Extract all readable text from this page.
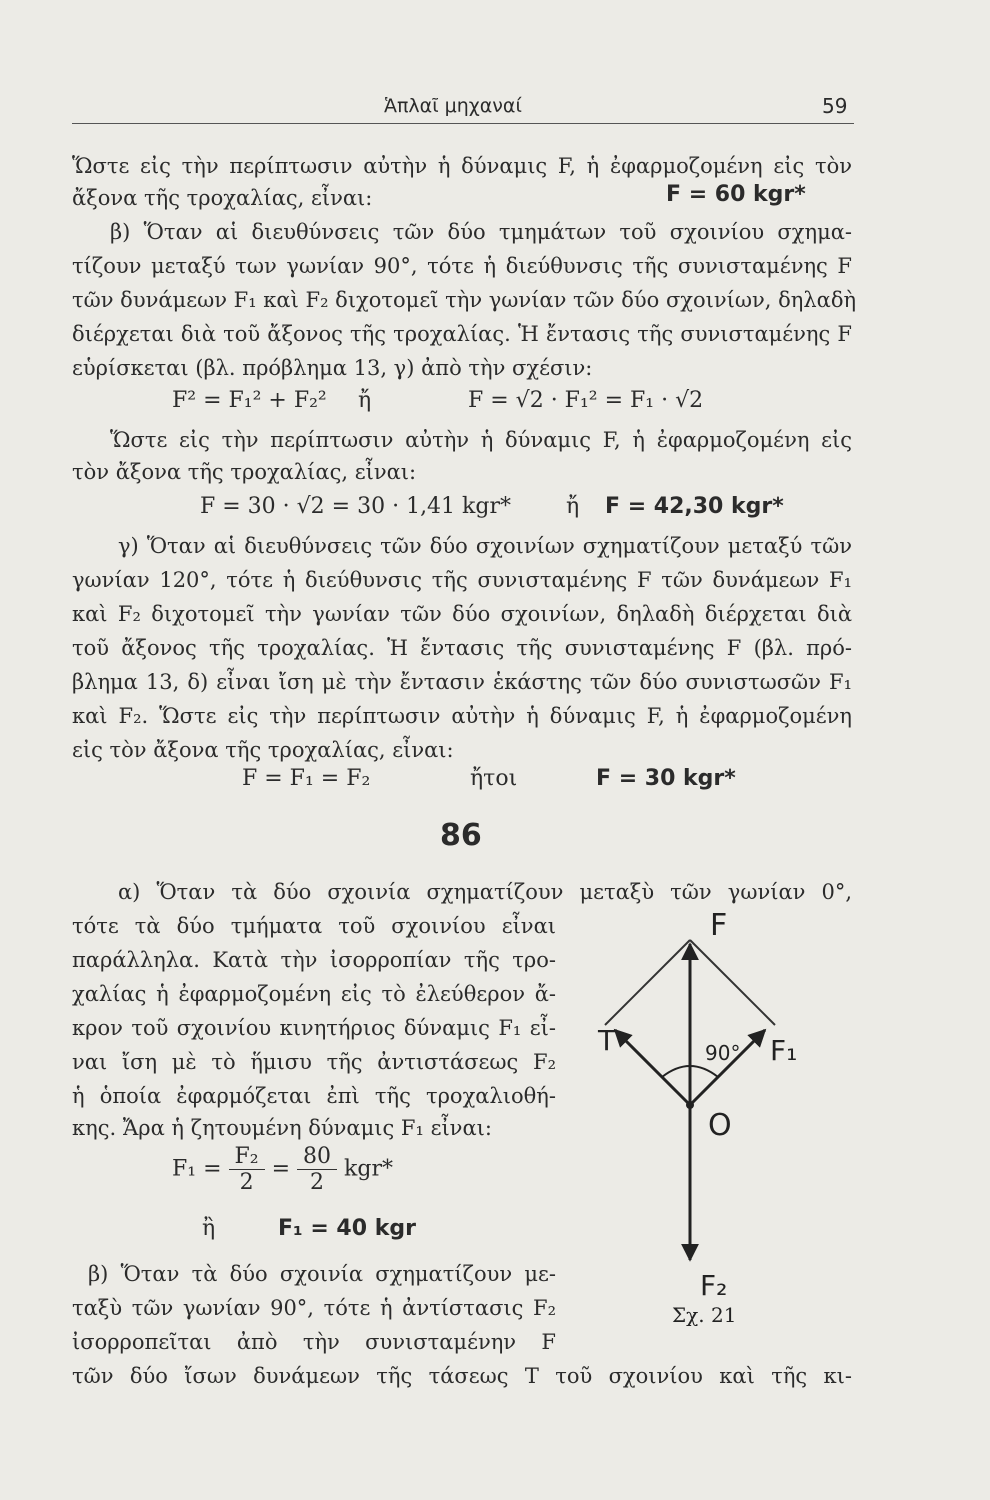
Ἁπλαῖ μηχαναί	59
Ὥστε εἰς τὴν περίπτωσιν αὐτὴν ἡ δύναμις F, ἡ ἐφαρμοζομένη εἰς τὸν
ἄξονα τῆς τροχαλίας, εἶναι:	F = 60 kgr*
β) Ὅταν αἱ διευθύνσεις τῶν δύο τμημάτων τοῦ σχοινίου σχημα-
τίζουν μεταξύ των γωνίαν 90°, τότε ἡ διεύθυνσις τῆς συνισταμένης F
τῶν δυνάμεων F₁ καὶ F₂ διχοτομεῖ τὴν γωνίαν τῶν δύο σχοινίων, δηλαδὴ
διέρχεται διὰ τοῦ ἄξονος τῆς τροχαλίας. Ἡ ἔντασις τῆς συνισταμένης F
εὑρίσκεται (βλ. πρόβλημα 13, γ) ἀπὸ τὴν σχέσιν:
F² = F₁² + F₂² ἤ	F = √2 · F₁² = F₁ · √2
Ὥστε εἰς τὴν περίπτωσιν αὐτὴν ἡ δύναμις F, ἡ ἐφαρμοζομένη εἰς
τὸν ἄξονα τῆς τροχαλίας, εἶναι:
F = 30 · √2 = 30 · 1,41 kgr*	ἤ F = 42,30 kgr*
γ) Ὅταν αἱ διευθύνσεις τῶν δύο σχοινίων σχηματίζουν μεταξύ τῶν
γωνίαν 120°, τότε ἡ διεύθυνσις τῆς συνισταμένης F τῶν δυνάμεων F₁
καὶ F₂ διχοτομεῖ τὴν γωνίαν τῶν δύο σχοινίων, δηλαδὴ διέρχεται διὰ
τοῦ ἄξονος τῆς τροχαλίας. Ἡ ἔντασις τῆς συνισταμένης F (βλ. πρό-
βλημα 13, δ) εἶναι ἴση μὲ τὴν ἔντασιν ἑκάστης τῶν δύο συνιστωσῶν F₁
καὶ F₂. Ὥστε εἰς τὴν περίπτωσιν αὐτὴν ἡ δύναμις F, ἡ ἐφαρμοζομένη
εἰς τὸν ἄξονα τῆς τροχαλίας, εἶναι:
F = F₁ = F₂	ἤτοι	F = 30 kgr*
86
α) Ὅταν τὰ δύο σχοινία σχηματίζουν μεταξὺ τῶν γωνίαν 0°,
τότε τὰ δύο τμήματα τοῦ σχοινίου εἶναι
παράλληλα. Κατὰ τὴν ἰσορροπίαν τῆς τρο-
χαλίας ἡ ἐφαρμοζομένη εἰς τὸ ἐλεύθερον ἄ-
κρον τοῦ σχοινίου κινητήριος δύναμις F₁ εἶ-
ναι ἴση μὲ τὸ ἥμισυ τῆς ἀντιστάσεως F₂
ἡ ὁποία ἐφαρμόζεται ἐπὶ τῆς τροχαλιοθή-
κης. Ἄρα ἡ ζητουμένη δύναμις F₁ εἶναι:
$F_1 = \frac{\text{F₂}}{2} = \frac{80}{2} kgr*$
ἢ	F₁ = 40 kgr
β) Ὅταν τὰ δύο σχοινία σχηματίζουν με-
ταξὺ τῶν γωνίαν 90°, τότε ἡ ἀντίστασις F₂
ἰσορροπεῖται ἀπὸ τὴν συνισταμένην F
τῶν δύο ἴσων δυνάμεων τῆς τάσεως T τοῦ σχοινίου καὶ τῆς κι-
F
T	F₁
90°
O
F₂
Σχ. 21
